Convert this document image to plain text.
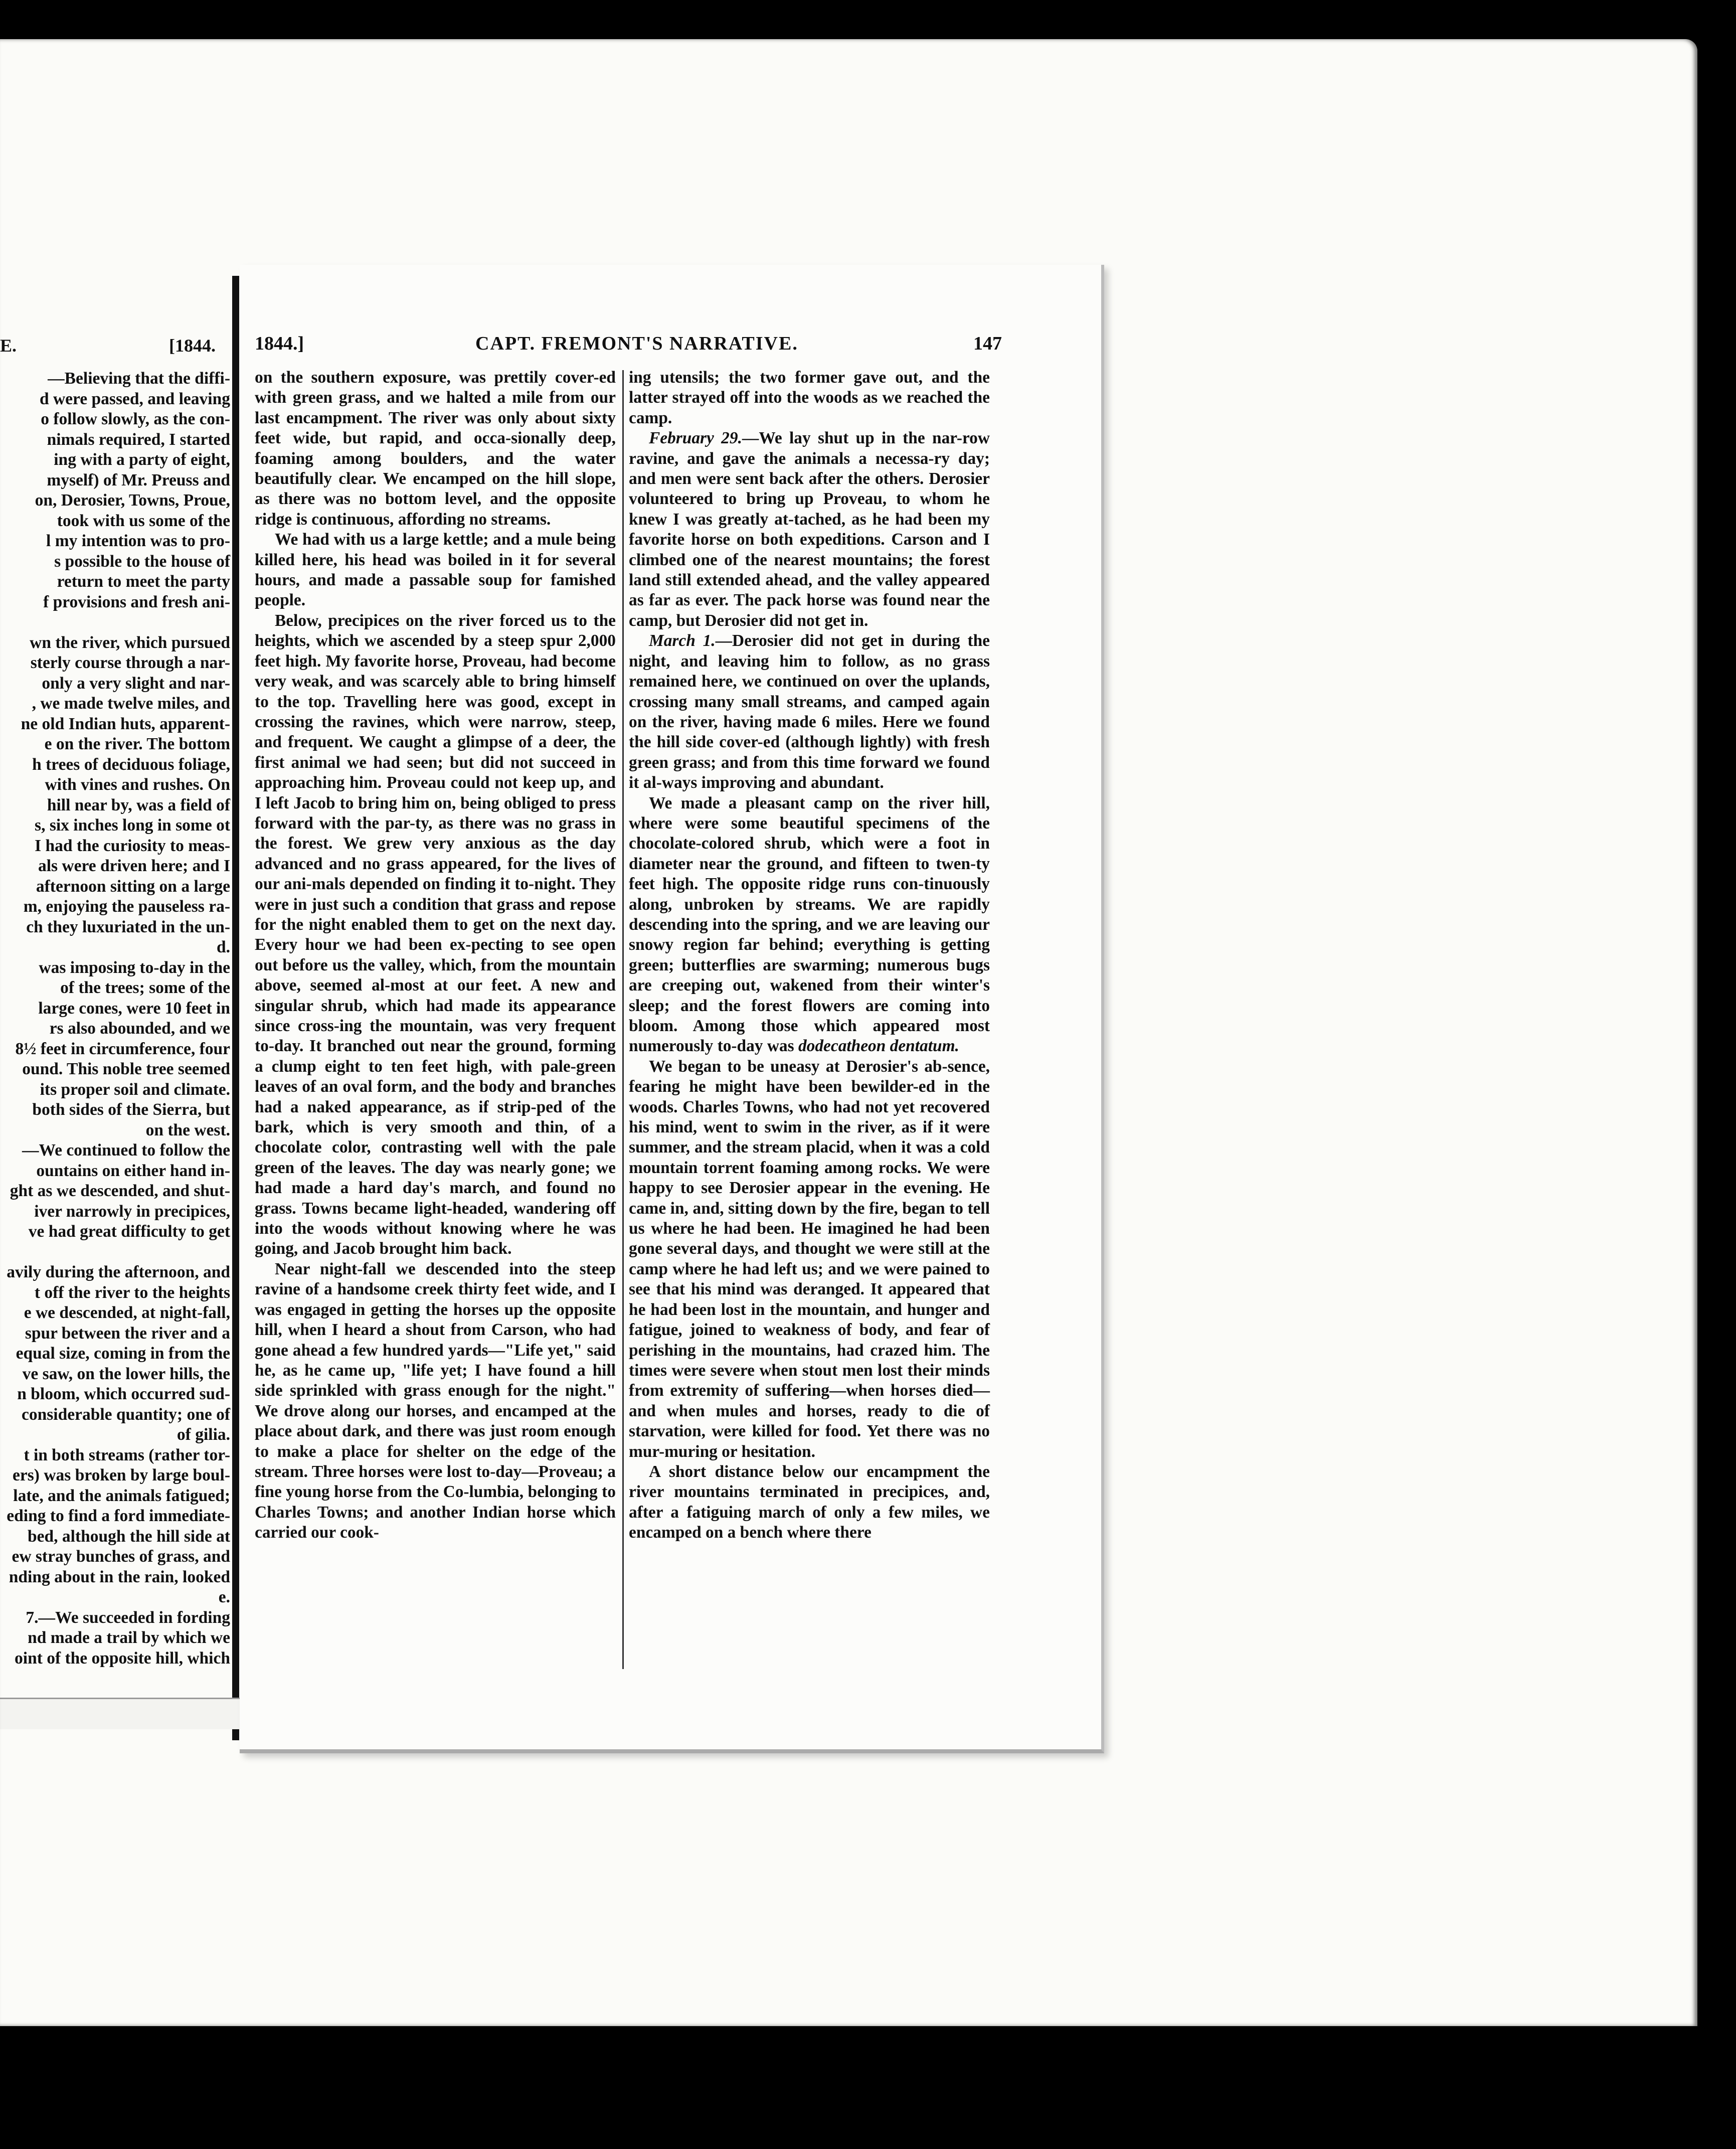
E.	[1844.

—Believing that the diffi-

d were passed, and leaving

o follow slowly, as the con-

nimals required, I started

ing with a party of eight,

myself) of Mr. Preuss and

on, Derosier, Towns, Proue,

took with us some of the

l my intention was to pro-

s possible to the house of

return to meet the party

f provisions and fresh ani-

wn the river, which pursued

sterly course through a nar-

only a very slight and nar-

, we made twelve miles, and

ne old Indian huts, apparent-

e on the river. The bottom

h trees of deciduous foliage,

with vines and rushes. On

hill near by, was a field of

s, six inches long in some ot

I had the curiosity to meas-

als were driven here; and I

afternoon sitting on a large

m, enjoying the pauseless ra-

ch they luxuriated in the un-

d.

was imposing to-day in the

of the trees; some of the

large cones, were 10 feet in

rs also abounded, and we

8½ feet in circumference, four

ound. This noble tree seemed

its proper soil and climate.

both sides of the Sierra, but

on the west.

—We continued to follow the

ountains on either hand in-

ght as we descended, and shut-

iver narrowly in precipices,

ve had great difficulty to get

avily during the afternoon, and

t off the river to the heights

e we descended, at night-fall,

spur between the river and a

equal size, coming in from the

ve saw, on the lower hills, the

n bloom, which occurred sud-

considerable quantity; one of

of gilia.

t in both streams (rather tor-

ers) was broken by large boul-

late, and the animals fatigued;

eding to find a ford immediate-

bed, although the hill side at

ew stray bunches of grass, and

nding about in the rain, looked

e.

7.—We succeeded in fording

nd made a trail by which we

oint of the opposite hill, which

1844.]	CAPT. FREMONT'S NARRATIVE.	147

on the southern exposure, was prettily cover-ed with green grass, and we halted a mile from our last encampment. The river was only about sixty feet wide, but rapid, and occa-sionally deep, foaming among boulders, and the water beautifully clear. We encamped on the hill slope, as there was no bottom level, and the opposite ridge is continuous, affording no streams.

We had with us a large kettle; and a mule being killed here, his head was boiled in it for several hours, and made a passable soup for famished people.

Below, precipices on the river forced us to the heights, which we ascended by a steep spur 2,000 feet high. My favorite horse, Proveau, had become very weak, and was scarcely able to bring himself to the top. Travelling here was good, except in crossing the ravines, which were narrow, steep, and frequent. We caught a glimpse of a deer, the first animal we had seen; but did not succeed in approaching him. Proveau could not keep up, and I left Jacob to bring him on, being obliged to press forward with the par-ty, as there was no grass in the forest. We grew very anxious as the day advanced and no grass appeared, for the lives of our ani-mals depended on finding it to-night. They were in just such a condition that grass and repose for the night enabled them to get on the next day. Every hour we had been ex-pecting to see open out before us the valley, which, from the mountain above, seemed al-most at our feet. A new and singular shrub, which had made its appearance since cross-ing the mountain, was very frequent to-day. It branched out near the ground, forming a clump eight to ten feet high, with pale-green leaves of an oval form, and the body and branches had a naked appearance, as if strip-ped of the bark, which is very smooth and thin, of a chocolate color, contrasting well with the pale green of the leaves. The day was nearly gone; we had made a hard day's march, and found no grass. Towns became light-headed, wandering off into the woods without knowing where he was going, and Jacob brought him back.

Near night-fall we descended into the steep ravine of a handsome creek thirty feet wide, and I was engaged in getting the horses up the opposite hill, when I heard a shout from Carson, who had gone ahead a few hundred yards—"Life yet," said he, as he came up, "life yet; I have found a hill side sprinkled with grass enough for the night." We drove along our horses, and encamped at the place about dark, and there was just room enough to make a place for shelter on the edge of the stream. Three horses were lost to-day—Proveau; a fine young horse from the Co-lumbia, belonging to Charles Towns; and another Indian horse which carried our cook-

ing utensils; the two former gave out, and the latter strayed off into the woods as we reached the camp.

February 29.—We lay shut up in the nar-row ravine, and gave the animals a necessa-ry day; and men were sent back after the others. Derosier volunteered to bring up Proveau, to whom he knew I was greatly at-tached, as he had been my favorite horse on both expeditions. Carson and I climbed one of the nearest mountains; the forest land still extended ahead, and the valley appeared as far as ever. The pack horse was found near the camp, but Derosier did not get in.

March 1.—Derosier did not get in during the night, and leaving him to follow, as no grass remained here, we continued on over the uplands, crossing many small streams, and camped again on the river, having made 6 miles. Here we found the hill side cover-ed (although lightly) with fresh green grass; and from this time forward we found it al-ways improving and abundant.

We made a pleasant camp on the river hill, where were some beautiful specimens of the chocolate-colored shrub, which were a foot in diameter near the ground, and fifteen to twen-ty feet high. The opposite ridge runs con-tinuously along, unbroken by streams. We are rapidly descending into the spring, and we are leaving our snowy region far behind; everything is getting green; butterflies are swarming; numerous bugs are creeping out, wakened from their winter's sleep; and the forest flowers are coming into bloom. Among those which appeared most numerously to-day was dodecatheon dentatum.

We began to be uneasy at Derosier's ab-sence, fearing he might have been bewilder-ed in the woods. Charles Towns, who had not yet recovered his mind, went to swim in the river, as if it were summer, and the stream placid, when it was a cold mountain torrent foaming among rocks. We were happy to see Derosier appear in the evening. He came in, and, sitting down by the fire, began to tell us where he had been. He imagined he had been gone several days, and thought we were still at the camp where he had left us; and we were pained to see that his mind was deranged. It appeared that he had been lost in the mountain, and hunger and fatigue, joined to weakness of body, and fear of perishing in the mountains, had crazed him. The times were severe when stout men lost their minds from extremity of suffering—when horses died—and when mules and horses, ready to die of starvation, were killed for food. Yet there was no mur-muring or hesitation.

A short distance below our encampment the river mountains terminated in precipices, and, after a fatiguing march of only a few miles, we encamped on a bench where there
